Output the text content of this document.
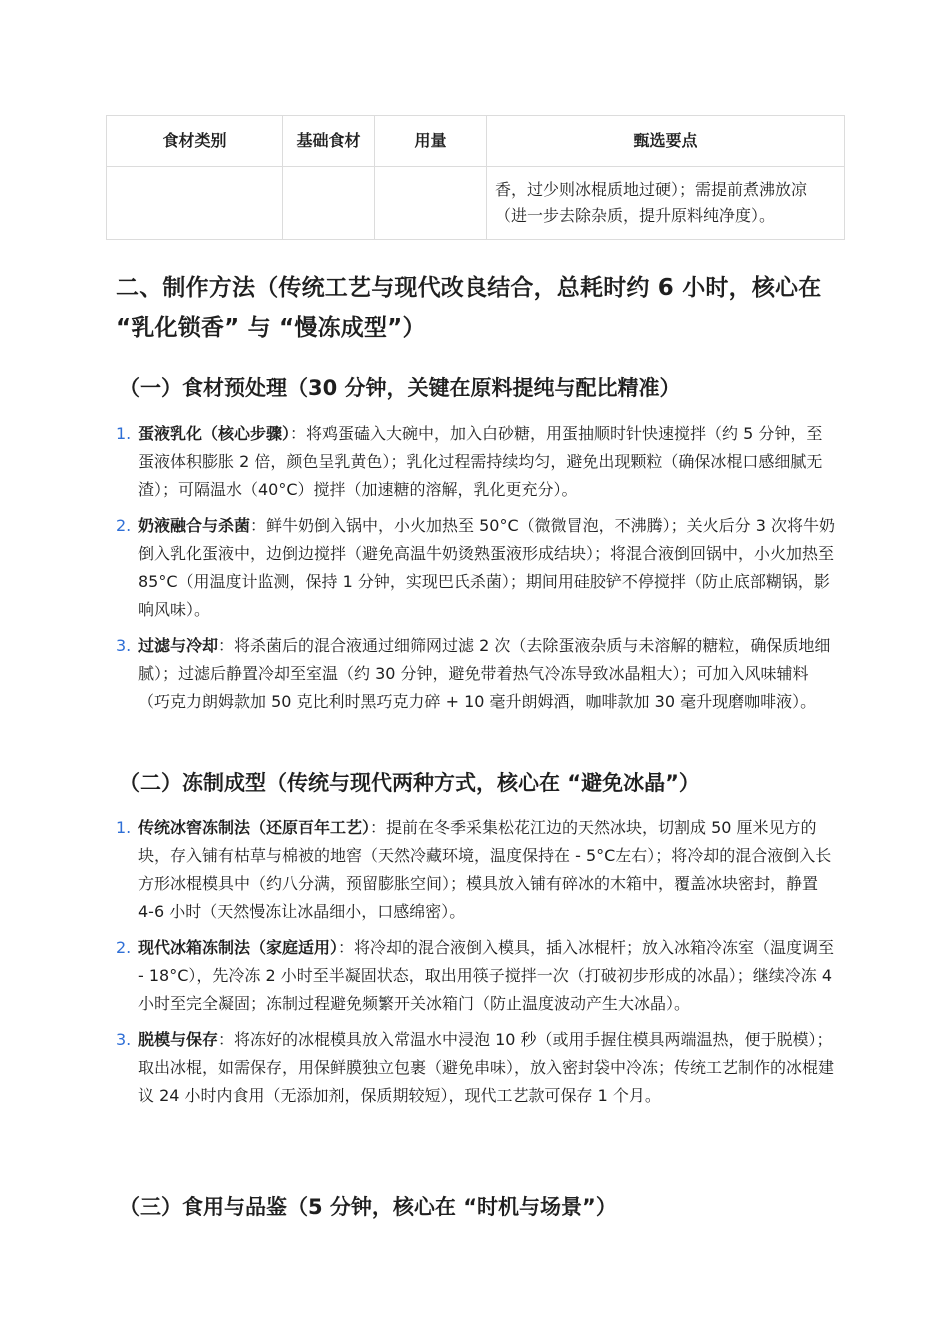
食材类别	基础食材	用量	甄选要点
			香，过少则冰棍质地过硬）；需提前煮沸放凉（进一步去除杂质，提升原料纯净度）。
二、制作方法（传统工艺与现代改良结合，总耗时约 6 小时，核心在 “乳化锁香” 与 “慢冻成型”）
（一）食材预处理（30 分钟，关键在原料提纯与配比精准）
1. 蛋液乳化（核心步骤）：将鸡蛋磕入大碗中，加入白砂糖，用蛋抽顺时针快速搅拌（约 5 分钟，至蛋液体积膨胀 2 倍，颜色呈乳黄色）；乳化过程需持续均匀，避免出现颗粒（确保冰棍口感细腻无渣）；可隔温水（40°C）搅拌（加速糖的溶解，乳化更充分）。
2. 奶液融合与杀菌：鲜牛奶倒入锅中，小火加热至 50°C（微微冒泡，不沸腾）；关火后分 3 次将牛奶倒入乳化蛋液中，边倒边搅拌（避免高温牛奶烫熟蛋液形成结块）；将混合液倒回锅中，小火加热至 85°C（用温度计监测，保持 1 分钟，实现巴氏杀菌）；期间用硅胶铲不停搅拌（防止底部糊锅，影响风味）。
3. 过滤与冷却：将杀菌后的混合液通过细筛网过滤 2 次（去除蛋液杂质与未溶解的糖粒，确保质地细腻）；过滤后静置冷却至室温（约 30 分钟，避免带着热气冷冻导致冰晶粗大）；可加入风味辅料（巧克力朗姆款加 50 克比利时黑巧克力碎 + 10 毫升朗姆酒，咖啡款加 30 毫升现磨咖啡液）。
（二）冻制成型（传统与现代两种方式，核心在 “避免冰晶”）
1. 传统冰窖冻制法（还原百年工艺）：提前在冬季采集松花江边的天然冰块，切割成 50 厘米见方的块，存入铺有枯草与棉被的地窖（天然冷藏环境，温度保持在 - 5°C左右）；将冷却的混合液倒入长方形冰棍模具中（约八分满，预留膨胀空间）；模具放入铺有碎冰的木箱中，覆盖冰块密封，静置 4-6 小时（天然慢冻让冰晶细小，口感绵密）。
2. 现代冰箱冻制法（家庭适用）：将冷却的混合液倒入模具，插入冰棍杆；放入冰箱冷冻室（温度调至 - 18°C），先冷冻 2 小时至半凝固状态，取出用筷子搅拌一次（打破初步形成的冰晶）；继续冷冻 4 小时至完全凝固；冻制过程避免频繁开关冰箱门（防止温度波动产生大冰晶）。
3. 脱模与保存：将冻好的冰棍模具放入常温水中浸泡 10 秒（或用手握住模具两端温热，便于脱模）；取出冰棍，如需保存，用保鲜膜独立包裹（避免串味），放入密封袋中冷冻；传统工艺制作的冰棍建议 24 小时内食用（无添加剂，保质期较短），现代工艺款可保存 1 个月。
（三）食用与品鉴（5 分钟，核心在 “时机与场景”）
